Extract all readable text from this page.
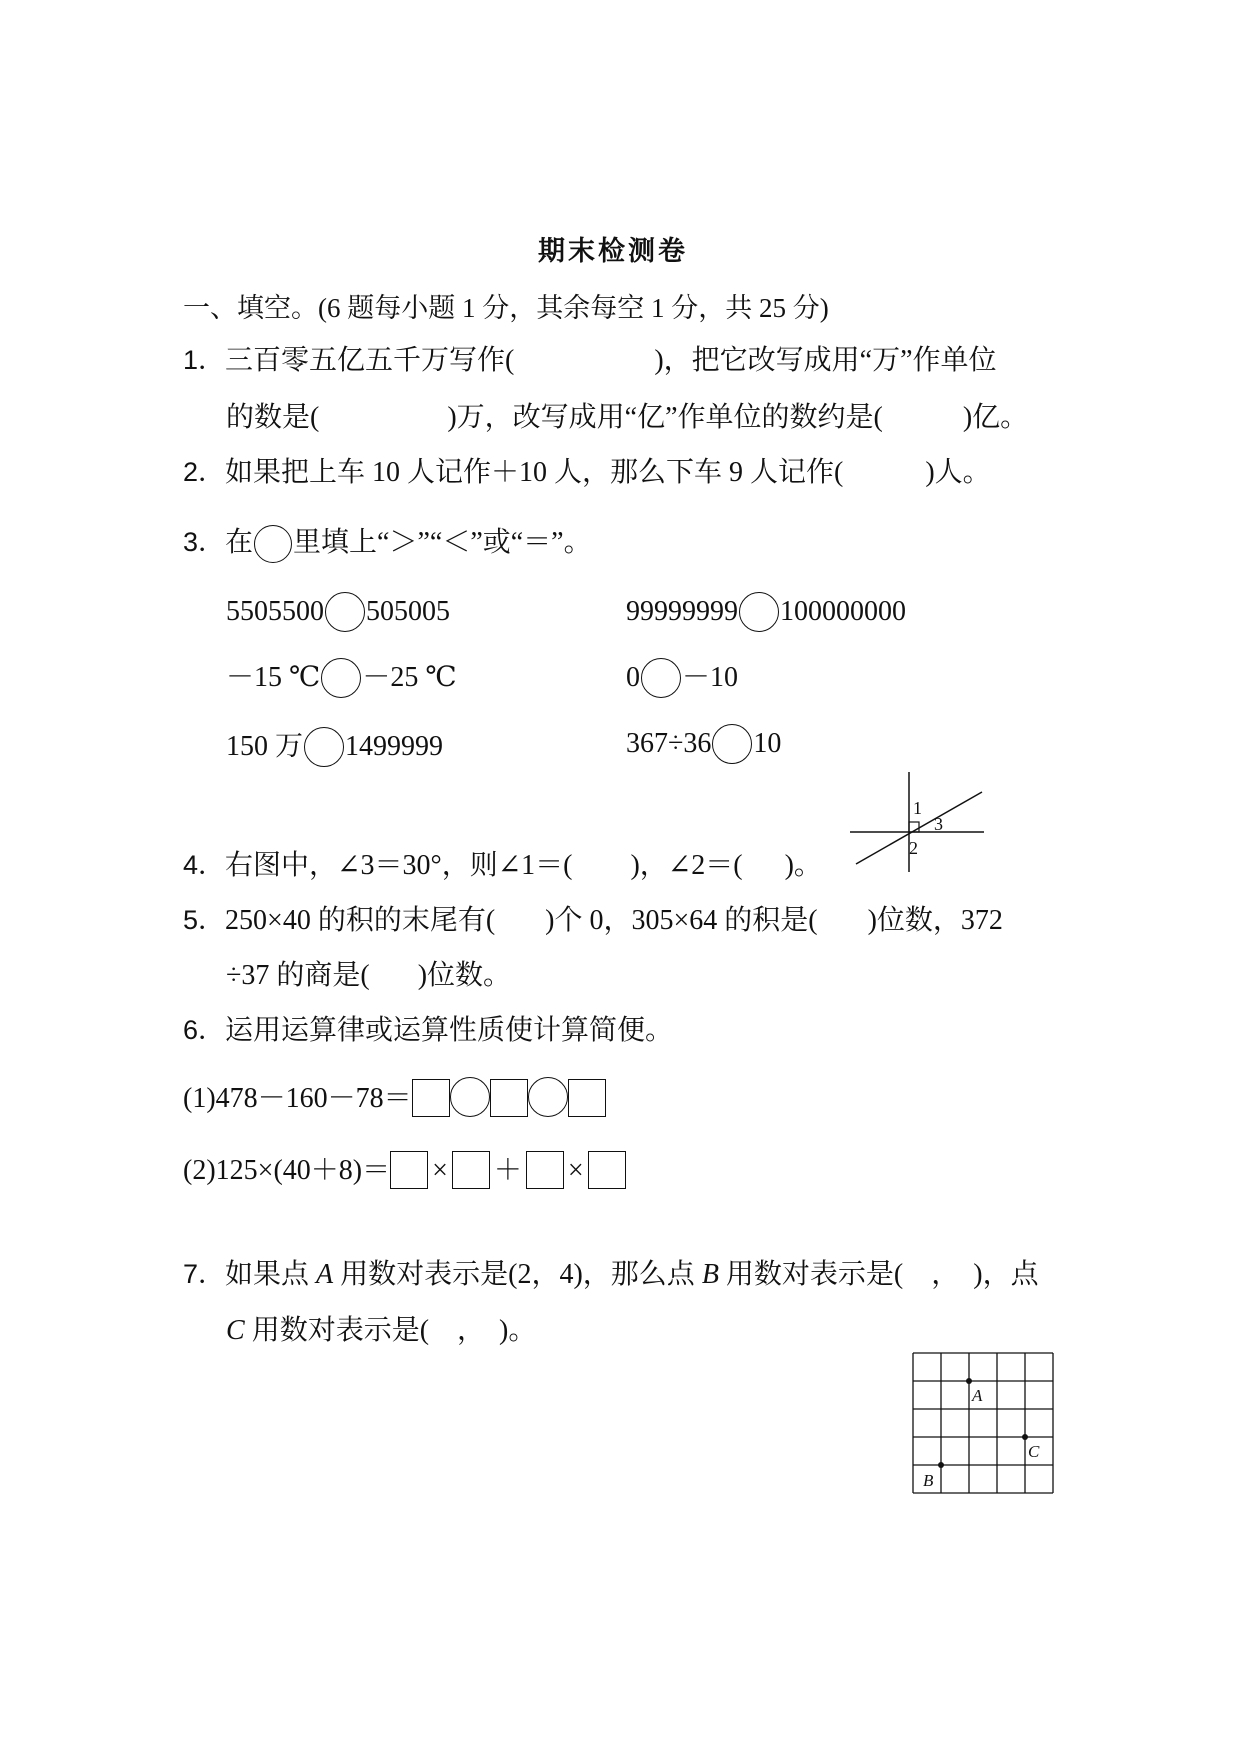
期末检测卷
一、填空。(6 题每小题 1 分，其余每空 1 分，共 25 分)
1．三百零五亿五千万写作(	)，把它改写成用“万”作单位
的数是(	)万，改写成用“亿”作单位的数约是(	)亿。
2．如果把上车 10 人记作＋10 人，那么下车 9 人记作(	)人。
3．在 里填上“＞”“＜”或“＝”。
5505500 505005	99999999 100000000
－15 ℃ －25 ℃	0 －10
150 万 1499999	367÷36 10
4．右图中，∠3＝30°，则∠1＝( )，∠2＝( )。
1
2
3
5．250×40 的积的末尾有( )个 0，305×64 的积是( )位数，372
÷37 的商是( )位数。
6．运用运算律或运算性质使计算简便。
(1)478－160－78＝
(2)125×(40＋8)＝ × ＋ ×
7．如果点 A 用数对表示是(2，4)，那么点 B 用数对表示是(　，　)，点
C 用数对表示是(　，　)。
A
C
B
